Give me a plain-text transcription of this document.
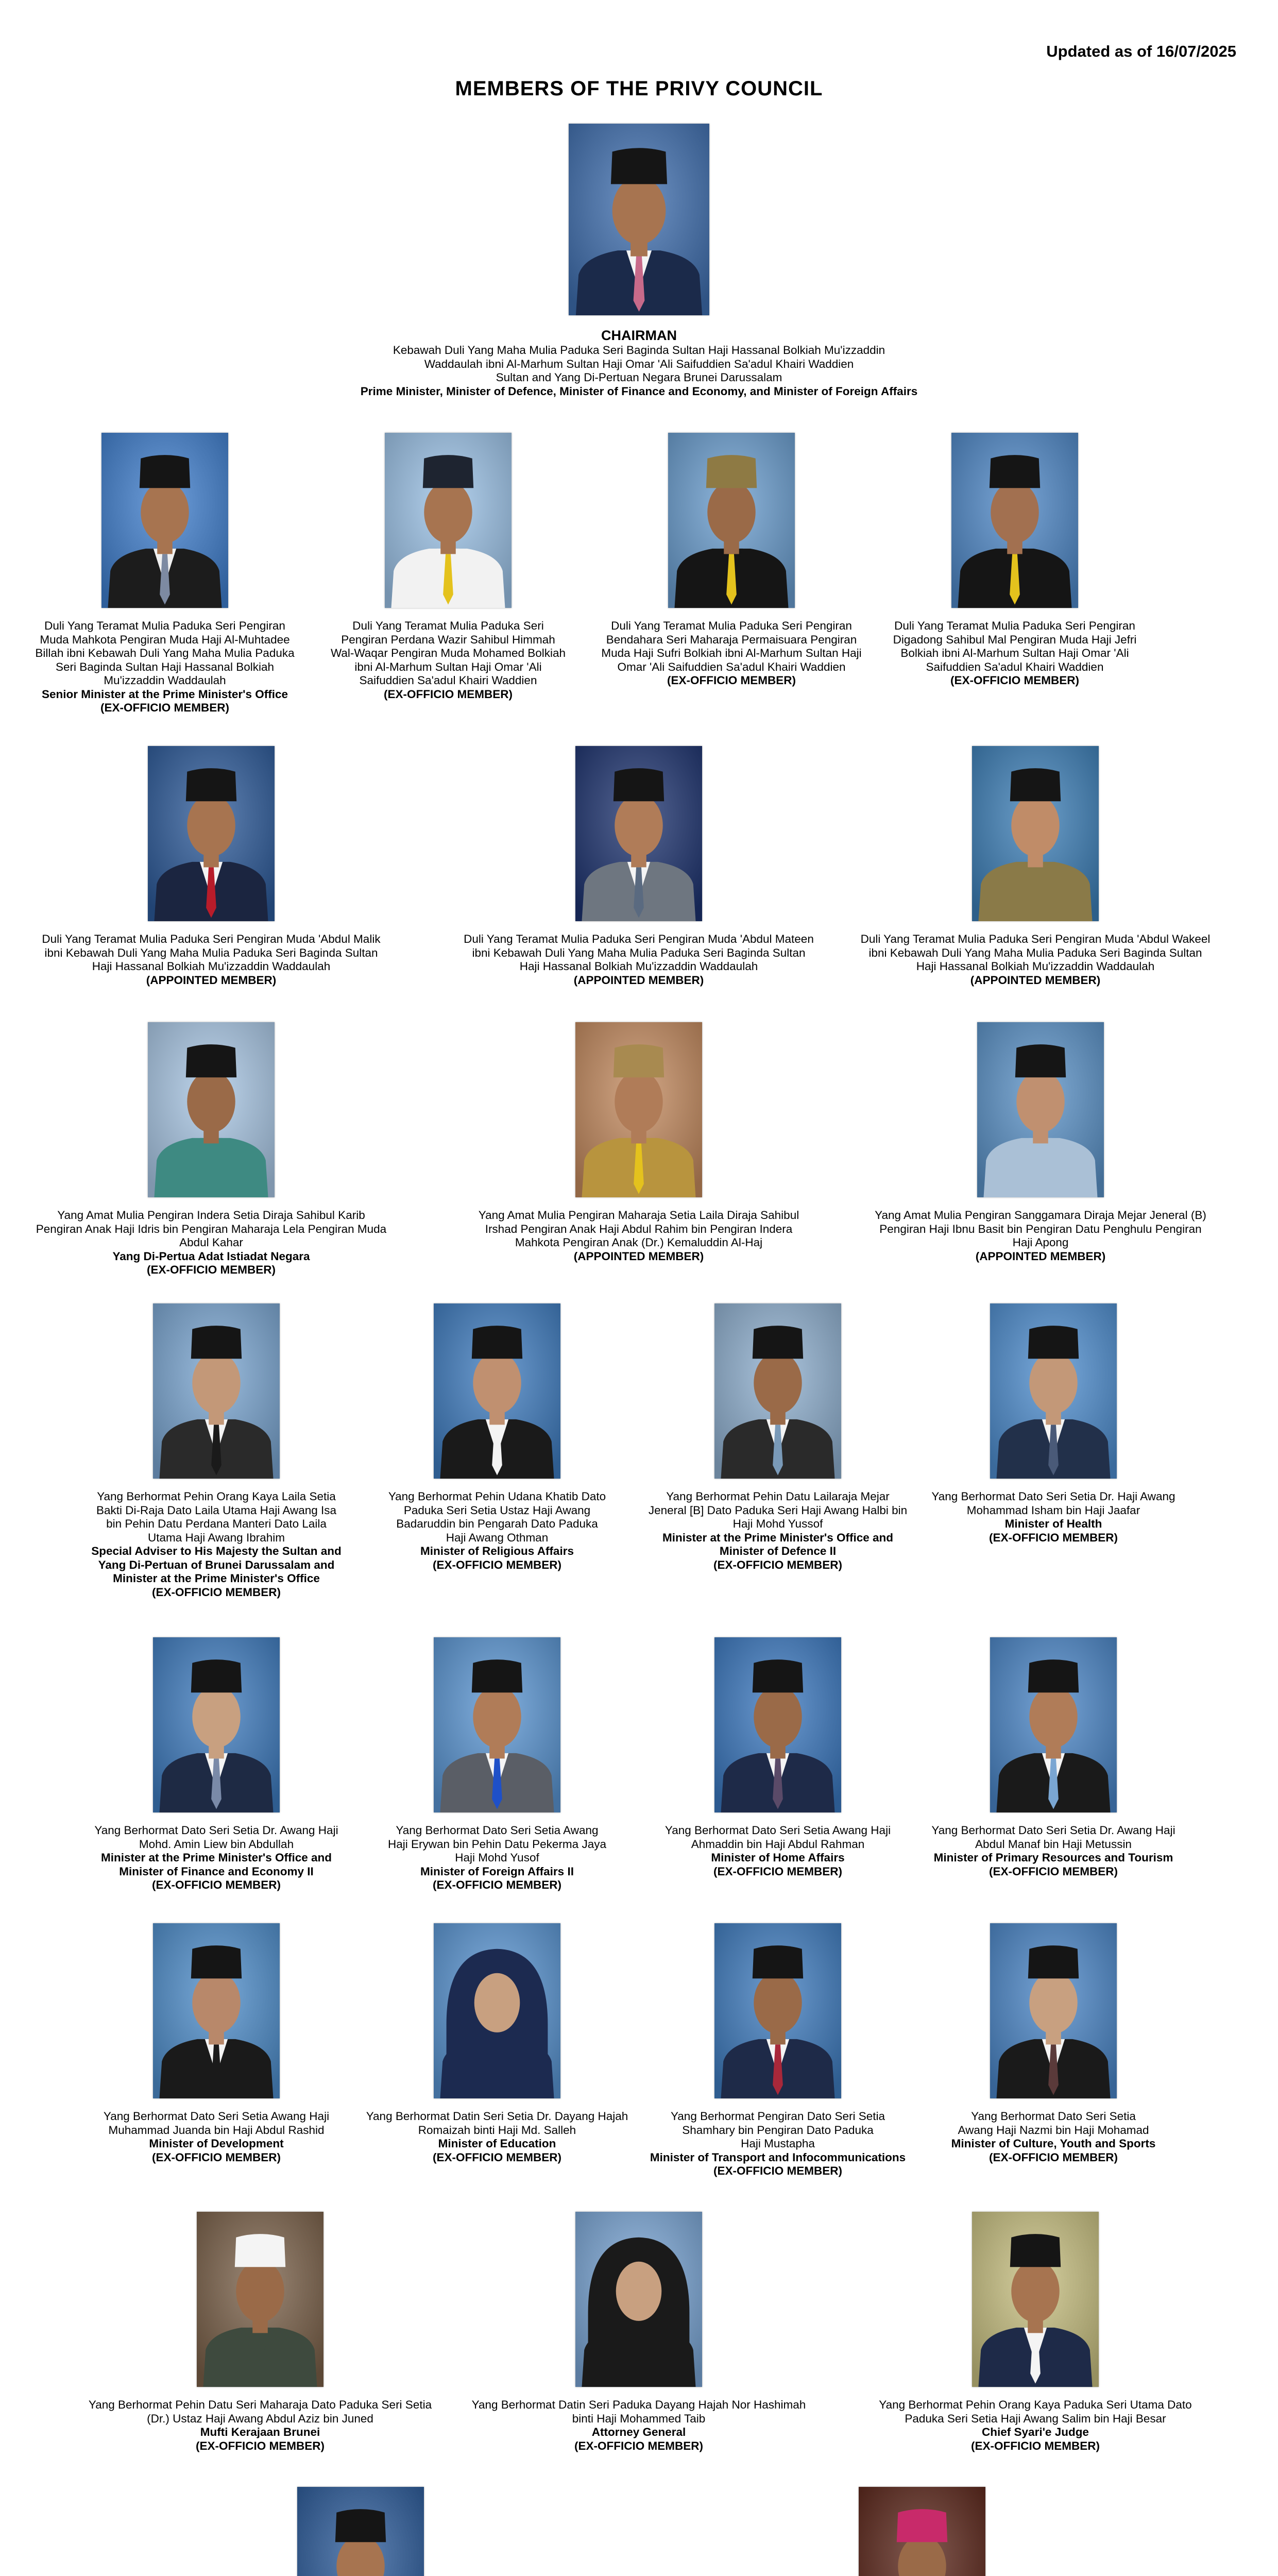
Updated as of 16/07/2025
MEMBERS OF THE PRIVY COUNCIL
CHAIRMAN
Kebawah Duli Yang Maha Mulia Paduka Seri Baginda Sultan Haji Hassanal Bolkiah Mu'izzaddin
Waddaulah ibni Al-Marhum Sultan Haji Omar 'Ali Saifuddien Sa'adul Khairi Waddien
Sultan and Yang Di-Pertuan Negara Brunei Darussalam
Prime Minister, Minister of Defence, Minister of Finance and Economy, and Minister of Foreign Affairs
Duli Yang Teramat Mulia Paduka Seri Pengiran
Muda Mahkota Pengiran Muda Haji Al-Muhtadee
Billah ibni Kebawah Duli Yang Maha Mulia Paduka
Seri Baginda Sultan Haji Hassanal Bolkiah
Mu'izzaddin Waddaulah
Senior Minister at the Prime Minister's Office
(EX-OFFICIO MEMBER)
Duli Yang Teramat Mulia Paduka Seri
Pengiran Perdana Wazir Sahibul Himmah
Wal-Waqar Pengiran Muda Mohamed Bolkiah
ibni Al-Marhum Sultan Haji Omar 'Ali
Saifuddien Sa'adul Khairi Waddien
(EX-OFFICIO MEMBER)
Duli Yang Teramat Mulia Paduka Seri Pengiran
Bendahara Seri Maharaja Permaisuara Pengiran
Muda Haji Sufri Bolkiah ibni Al-Marhum Sultan Haji
Omar 'Ali Saifuddien Sa'adul Khairi Waddien
(EX-OFFICIO MEMBER)
Duli Yang Teramat Mulia Paduka Seri Pengiran
Digadong Sahibul Mal Pengiran Muda Haji Jefri
Bolkiah ibni Al-Marhum Sultan Haji Omar 'Ali
Saifuddien Sa'adul Khairi Waddien
(EX-OFFICIO MEMBER)
Duli Yang Teramat Mulia Paduka Seri Pengiran Muda 'Abdul Malik
ibni Kebawah Duli Yang Maha Mulia Paduka Seri Baginda Sultan
Haji Hassanal Bolkiah Mu'izzaddin Waddaulah
(APPOINTED MEMBER)
Duli Yang Teramat Mulia Paduka Seri Pengiran Muda 'Abdul Mateen
ibni Kebawah Duli Yang Maha Mulia Paduka Seri Baginda Sultan
Haji Hassanal Bolkiah Mu'izzaddin Waddaulah
(APPOINTED MEMBER)
Duli Yang Teramat Mulia Paduka Seri Pengiran Muda 'Abdul Wakeel
ibni Kebawah Duli Yang Maha Mulia Paduka Seri Baginda Sultan
Haji Hassanal Bolkiah Mu'izzaddin Waddaulah
(APPOINTED MEMBER)
Yang Amat Mulia Pengiran Indera Setia Diraja Sahibul Karib
Pengiran Anak Haji Idris bin Pengiran Maharaja Lela Pengiran Muda
Abdul Kahar
Yang Di-Pertua Adat Istiadat Negara
(EX-OFFICIO MEMBER)
Yang Amat Mulia Pengiran Maharaja Setia Laila Diraja Sahibul
Irshad Pengiran Anak Haji Abdul Rahim bin Pengiran Indera
Mahkota Pengiran Anak (Dr.) Kemaluddin Al-Haj
(APPOINTED MEMBER)
Yang Amat Mulia Pengiran Sanggamara Diraja Mejar Jeneral (B)
Pengiran Haji Ibnu Basit bin Pengiran Datu Penghulu Pengiran
Haji Apong
(APPOINTED MEMBER)
Yang Berhormat Pehin Orang Kaya Laila Setia
Bakti Di-Raja Dato Laila Utama Haji Awang Isa
bin Pehin Datu Perdana Manteri Dato Laila
Utama Haji Awang Ibrahim
Special Adviser to His Majesty the Sultan and
Yang Di-Pertuan of Brunei Darussalam and
Minister at the Prime Minister's Office
(EX-OFFICIO MEMBER)
Yang Berhormat Pehin Udana Khatib Dato
Paduka Seri Setia Ustaz Haji Awang
Badaruddin bin Pengarah Dato Paduka
Haji Awang Othman
Minister of Religious Affairs
(EX-OFFICIO MEMBER)
Yang Berhormat Pehin Datu Lailaraja Mejar
Jeneral [B] Dato Paduka Seri Haji Awang Halbi bin
Haji Mohd Yussof
Minister at the Prime Minister's Office and
Minister of Defence II
(EX-OFFICIO MEMBER)
Yang Berhormat Dato Seri Setia Dr. Haji Awang
Mohammad Isham bin Haji Jaafar
Minister of Health
(EX-OFFICIO MEMBER)
Yang Berhormat Dato Seri Setia Dr. Awang Haji
Mohd. Amin Liew bin Abdullah
Minister at the Prime Minister's Office and
Minister of Finance and Economy II
(EX-OFFICIO MEMBER)
Yang Berhormat Dato Seri Setia Awang
Haji Erywan bin Pehin Datu Pekerma Jaya
Haji Mohd Yusof
Minister of Foreign Affairs II
(EX-OFFICIO MEMBER)
Yang Berhormat Dato Seri Setia Awang Haji
Ahmaddin bin Haji Abdul Rahman
Minister of Home Affairs
(EX-OFFICIO MEMBER)
Yang Berhormat Dato Seri Setia Dr. Awang Haji
Abdul Manaf bin Haji Metussin
Minister of Primary Resources and Tourism
(EX-OFFICIO MEMBER)
Yang Berhormat Dato Seri Setia Awang Haji
Muhammad Juanda bin Haji Abdul Rashid
Minister of Development
(EX-OFFICIO MEMBER)
Yang Berhormat Datin Seri Setia Dr. Dayang Hajah
Romaizah binti Haji Md. Salleh
Minister of Education
(EX-OFFICIO MEMBER)
Yang Berhormat Pengiran Dato Seri Setia
Shamhary bin Pengiran Dato Paduka
Haji Mustapha
Minister of Transport and Infocommunications
(EX-OFFICIO MEMBER)
Yang Berhormat Dato Seri Setia
Awang Haji Nazmi bin Haji Mohamad
Minister of Culture, Youth and Sports
(EX-OFFICIO MEMBER)
Yang Berhormat Pehin Datu Seri Maharaja Dato Paduka Seri Setia
(Dr.) Ustaz Haji Awang Abdul Aziz bin Juned
Mufti Kerajaan Brunei
(EX-OFFICIO MEMBER)
Yang Berhormat Datin Seri Paduka Dayang Hajah Nor Hashimah
binti Haji Mohammed Taib
Attorney General
(EX-OFFICIO MEMBER)
Yang Berhormat Pehin Orang Kaya Paduka Seri Utama Dato
Paduka Seri Setia Haji Awang Salim bin Haji Besar
Chief Syari'e Judge
(EX-OFFICIO MEMBER)
